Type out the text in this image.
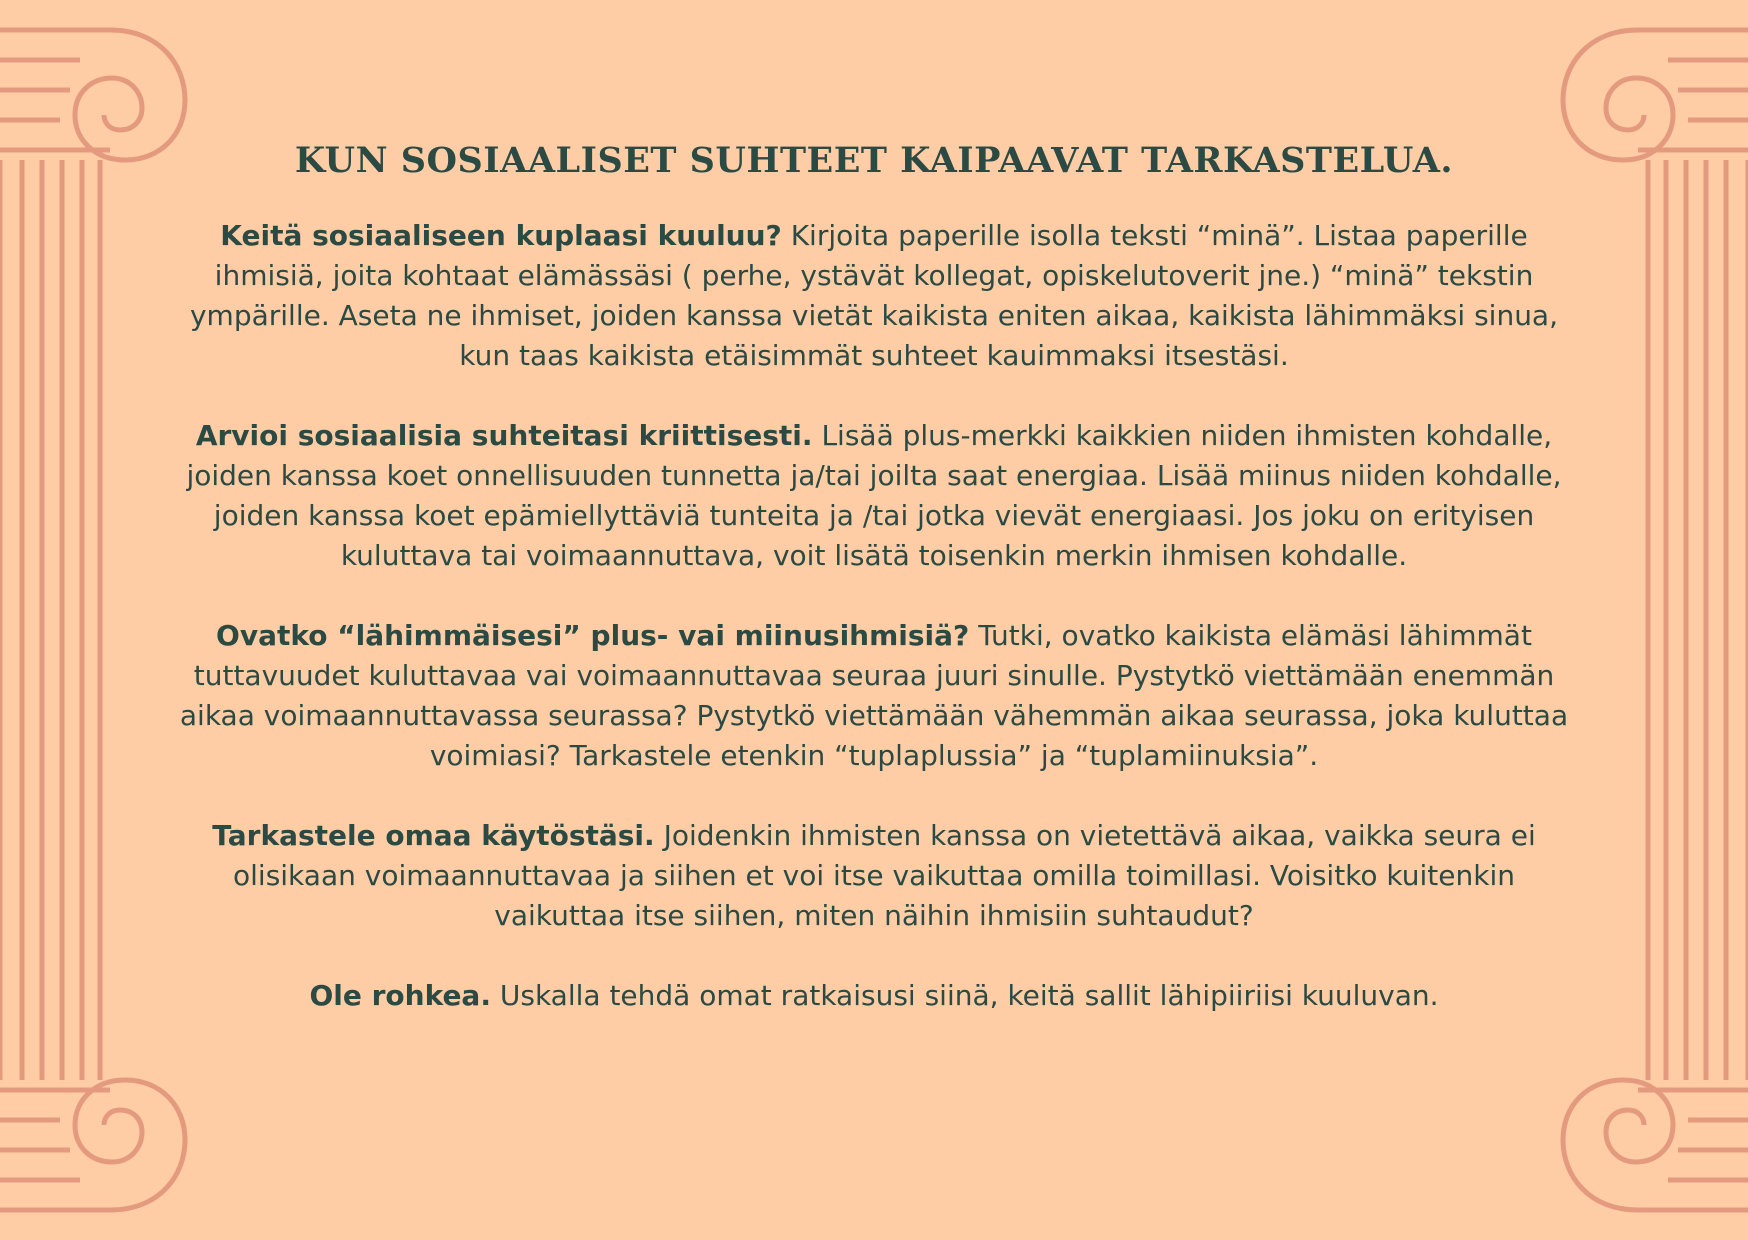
KUN SOSIAALISET SUHTEET KAIPAAVAT TARKASTELUA.

Keitä sosiaaliseen kuplaasi kuuluu? Kirjoita paperille isolla teksti “minä”. Listaa paperille ihmisiä, joita kohtaat elämässäsi ( perhe, ystävät kollegat, opiskelutoverit jne.) “minä” tekstin ympärille. Aseta ne ihmiset, joiden kanssa vietät kaikista eniten aikaa, kaikista lähimmäksi sinua, kun taas kaikista etäisimmät suhteet kauimmaksi itsestäsi.

Arvioi sosiaalisia suhteitasi kriittisesti. Lisää plus-merkki kaikkien niiden ihmisten kohdalle, joiden kanssa koet onnellisuuden tunnetta ja/tai joilta saat energiaa. Lisää miinus niiden kohdalle, joiden kanssa koet epämiellyttäviä tunteita ja /tai jotka vievät energiaasi. Jos joku on erityisen kuluttava tai voimaannuttava, voit lisätä toisenkin merkin ihmisen kohdalle.

Ovatko “lähimmäisesi” plus- vai miinusihmisiä? Tutki, ovatko kaikista elämäsi lähimmät tuttavuudet kuluttavaa vai voimaannuttavaa seuraa juuri sinulle. Pystytkö viettämään enemmän aikaa voimaannuttavassa seurassa? Pystytkö viettämään vähemmän aikaa seurassa, joka kuluttaa voimiasi? Tarkastele etenkin “tuplaplussia” ja “tuplamiinuksia”.

Tarkastele omaa käytöstäsi. Joidenkin ihmisten kanssa on vietettävä aikaa, vaikka seura ei olisikaan voimaannuttavaa ja siihen et voi itse vaikuttaa omilla toimillasi. Voisitko kuitenkin vaikuttaa itse siihen, miten näihin ihmisiin suhtaudut?

Ole rohkea. Uskalla tehdä omat ratkaisusi siinä, keitä sallit lähipiiriisi kuuluvan.
